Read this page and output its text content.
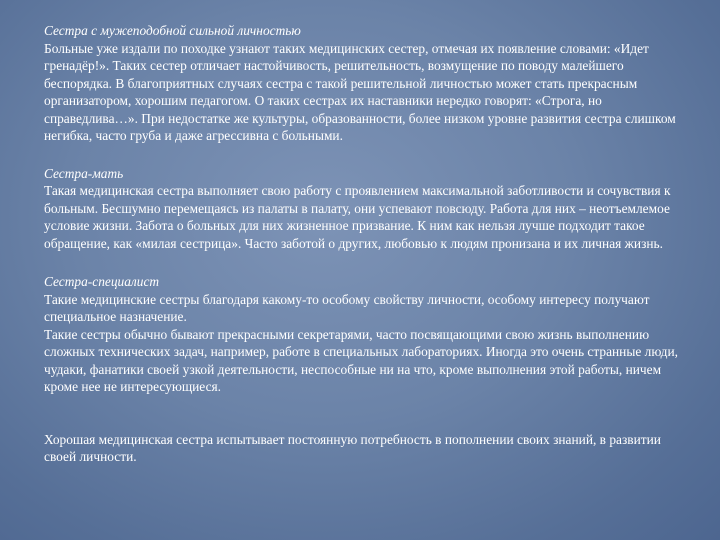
Сестра с мужеподобной сильной личностью
Больные уже издали по походке узнают таких медицинских сестер, отмечая их появление словами: «Идет гренадёр!». Таких сестер отличает настойчивость, решительность, возмущение по поводу малейшего беспорядка. В благоприятных случаях сестра с такой решительной личностью может стать прекрасным организатором, хорошим педагогом. О таких сестрах их наставники нередко говорят: «Строга, но справедлива…». При недостатке же культуры, образованности, более низком уровне развития сестра слишком негибка, часто груба и даже агрессивна с больными.
Сестра-мать
Такая медицинская сестра выполняет свою работу с проявлением максимальной заботливости и сочувствия к больным. Бесшумно перемещаясь из палаты в палату, они успевают повсюду. Работа для них – неотъемлемое условие жизни. Забота о больных для них жизненное призвание. К ним как нельзя лучше подходит такое обращение, как «милая сестрица». Часто заботой о других, любовью к людям пронизана и их личная жизнь.
Сестра-специалист
Такие медицинские сестры благодаря какому-то особому свойству личности, особому интересу получают специальное назначение.
Такие сестры обычно бывают прекрасными секретарями, часто посвящающими свою жизнь выполнению сложных технических задач, например, работе в специальных лабораториях. Иногда это очень странные люди, чудаки, фанатики своей узкой деятельности, неспособные ни на что, кроме выполнения этой работы, ничем кроме нее не интересующиеся.
Хорошая медицинская сестра испытывает постоянную потребность в пополнении своих знаний, в развитии своей личности.
